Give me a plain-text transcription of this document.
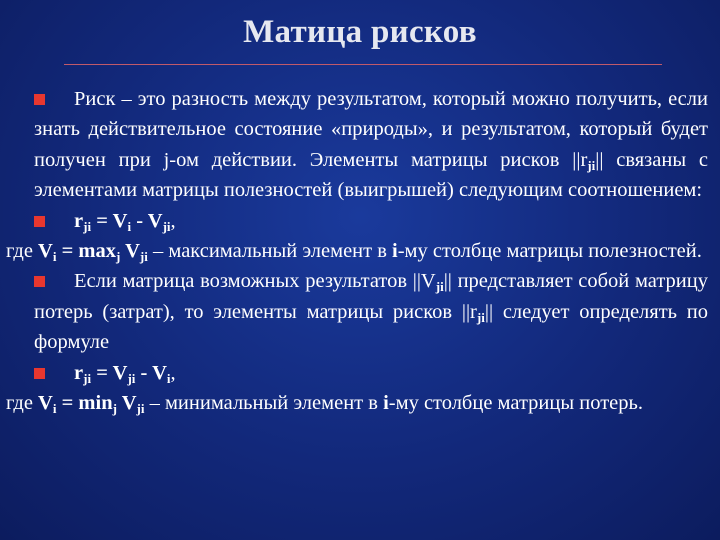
Матица рисков
Риск – это разность между результатом, который можно получить, если знать действительное состояние «природы», и результатом, который будет получен при j-ом действии. Элементы матрицы рисков $||r_{ji}||$ связаны с элементами матрицы полезностей (выигрышей) следующим соотношением:
$r_{ji} = V_i - V_{ji}$,
где $V_i = \max_j V_{ji}$ – максимальный элемент в i-му столбце матрицы полезностей.
Если матрица возможных результатов $||V_{ji}||$ представляет собой матрицу потерь (затрат), то элементы матрицы рисков $||r_{ji}||$ следует определять по формуле
$r_{ji} = V_{ji} - V_i$,
где $V_i = \min_j V_{ji}$ – минимальный элемент в i-му столбце матрицы потерь.
